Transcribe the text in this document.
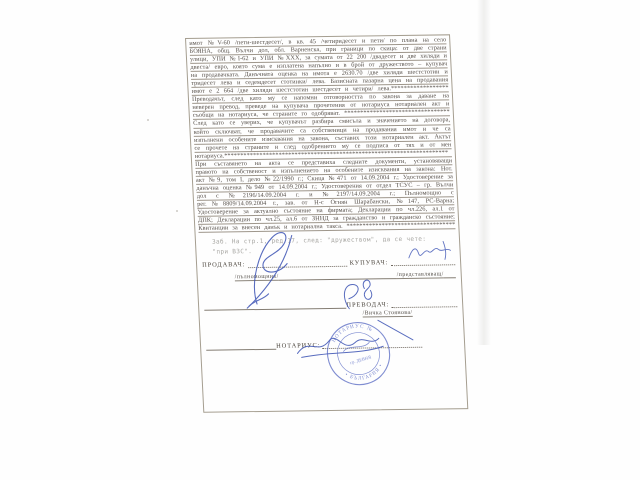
имот №V-60 /пети-шестдесет/, в кв. 45 /четиридесет и пети/ по плана на село
БОЯНА, общ. Вълчи дол, обл. Варненска, при граници по скица: от две страни
улици, УПИ №I-62 и УПИ №ХХХ, за сумата от 22 200 /двадесет и две хиляди и
двеста/ евро, която сума е изплатена напълно и в брой от дружеството – купувач
на продавачката. Данъчната оценка на имота е 2630.70 /две хиляди шестстотин и
тридесет лева и седемдесет стотинки/ лева. Базисната пазарна цена на продавания
имот е 2 664 /две хиляди шестстотин шестдесет и четири/ лева.******************
Преводачът, след като му се напомни отговорността по закона за даване на
неверен превод, преведе на купувача прочетения от нотариуса нотариален акт и
съобщи на нотариуса, че страните го одобряват. *********************************
След като се уверих, че купувачът разбира смисъла и значението на договора,
който сключват, че продавачите са собственици на продавания имот и че са
изпълнени особените изисквания на закона, съставих този нотариален акт. Актът
се прочете на страните и след одобрението му се подписа от тях и от мен
нотариуса.**********************************************************************
При съставянето на акта се представиха следните документи, установяващи
правото на собственост и изпълнението на особените изисквания на закона: Нот.
акт №9, том I, дело №22/1990 г.; Скица №471 от 14.09.2004 г.; Удостоверение за
данъчна оценка №949 от 14.09.2004 г.; Удостоверения от отдел ТСУС – гр. Вълчи
дол с №2196/14.09.2004 г. и №2197/14.09.2004 г.; Пълномощно с
рег.№8809/14.09.2004 г., зав. от Н-с Огнян Шарабански, №147, РС-Варна;
Удостоверение за актуално състояние на фирмата; Декларации по чл.226, ал.1 от
ДПК; Декларации по чл.25, ал.6 от ЗННД за гражданство и гражданско състояние;
Квитанции за внесен данък и нотариална такса. **********************************
Заб. На стр.1, ред 17, след: "дружеством", да се чете:
"при ВЗС".
ПРОДАВАЧ:	КУПУВАЧ:
/пълномощник/	/представляващ/
ПРЕВОДАЧ:
/Вичка Стоянова/
НОТАРИУС:
НОТАРИУС №
• БЪЛГАРИЯ •
гр. ДЕВНЯ
